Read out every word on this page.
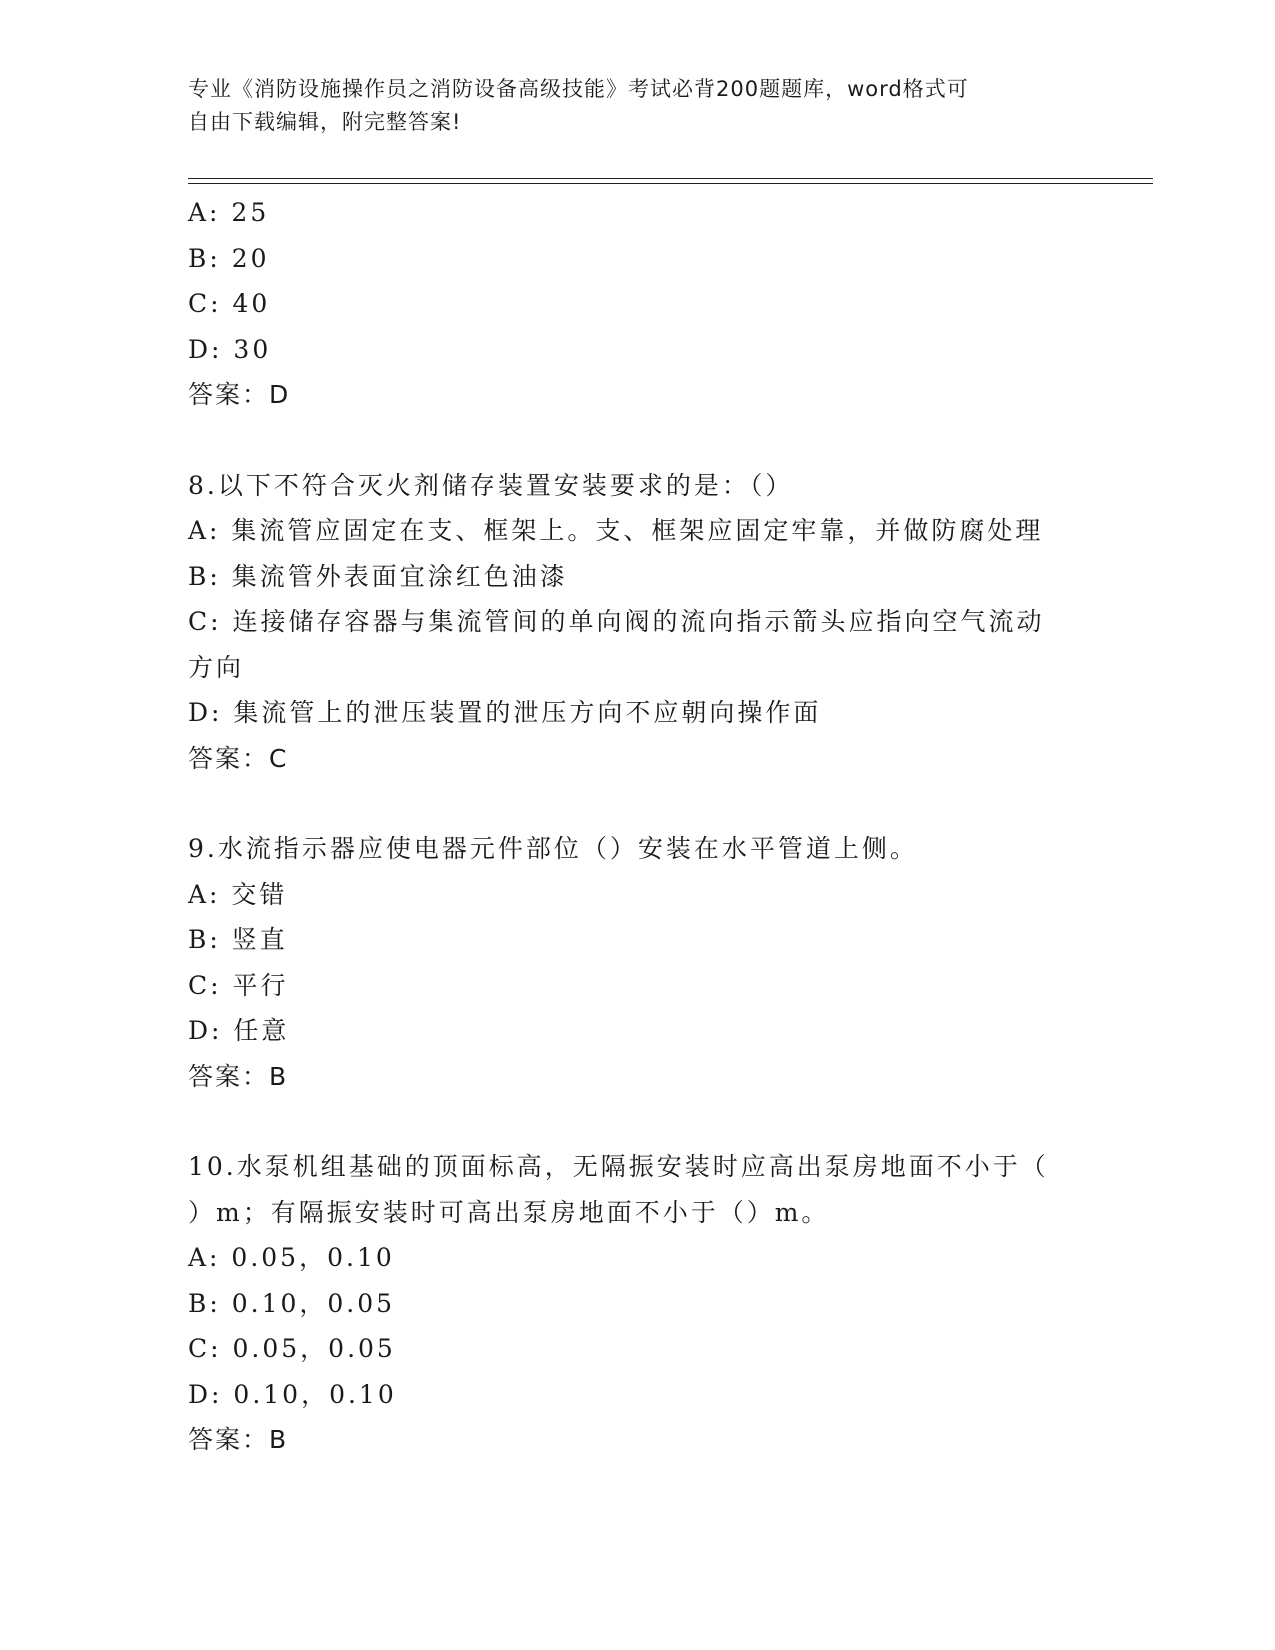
专业《消防设施操作员之消防设备高级技能》考试必背200题题库，word格式可
自由下载编辑，附完整答案!

A: 25

B: 20

C: 40

D: 30

答案：D

8.以下不符合灭火剂储存装置安装要求的是：（）

A: 集流管应固定在支、框架上。支、框架应固定牢靠，并做防腐处理

B: 集流管外表面宜涂红色油漆

C: 连接储存容器与集流管间的单向阀的流向指示箭头应指向空气流动

方向

D: 集流管上的泄压装置的泄压方向不应朝向操作面

答案：C

9.水流指示器应使电器元件部位（）安装在水平管道上侧。

A: 交错

B: 竖直

C: 平行

D: 任意

答案：B

10.水泵机组基础的顶面标高，无隔振安装时应高出泵房地面不小于（

）m；有隔振安装时可高出泵房地面不小于（）m。

A: 0.05，0.10

B: 0.10，0.05

C: 0.05，0.05

D: 0.10，0.10

答案：B
